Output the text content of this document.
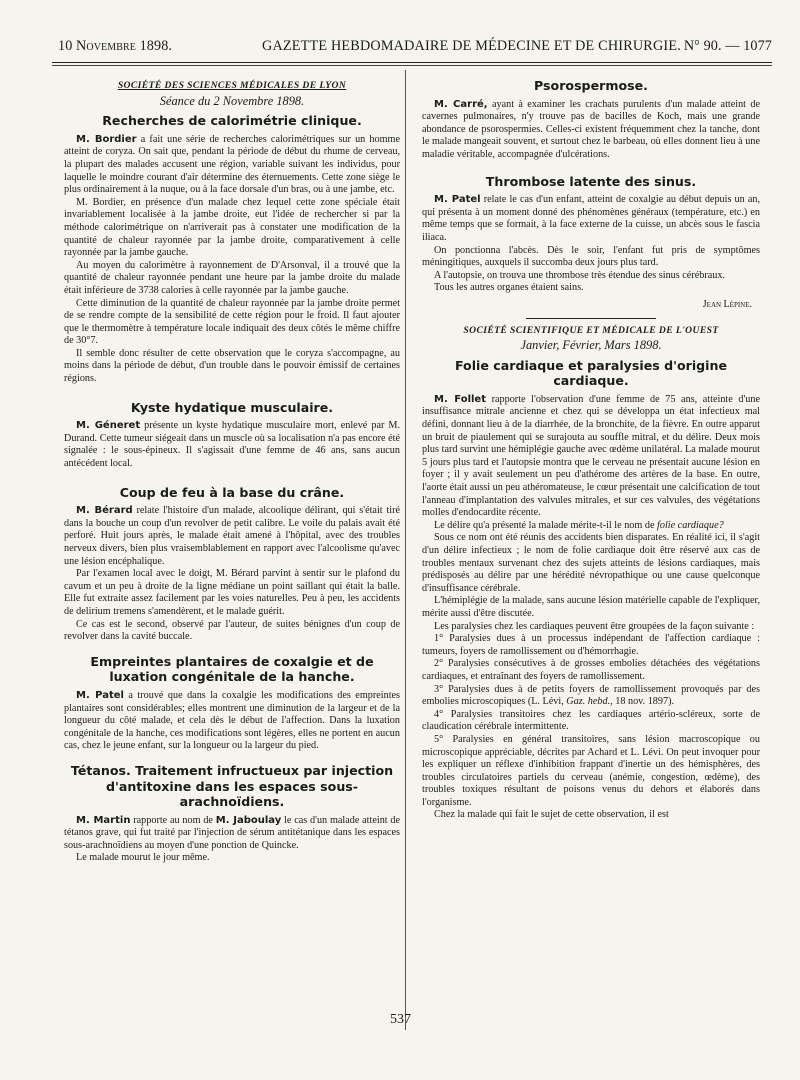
10 Novembre 1898.	GAZETTE HEBDOMADAIRE DE MÉDECINE ET DE CHIRURGIE. N° 90. — 1077
SOCIÉTÉ DES SCIENCES MÉDICALES DE LYON
Séance du 2 Novembre 1898.
Recherches de calorimétrie clinique.

M. Bordier a fait une série de recherches calorimétriques sur un homme atteint de coryza. On sait que, pendant la période de début du rhume de cerveau, la plupart des malades accusent une région, variable suivant les individus, pour laquelle le moindre courant d'air détermine des éternuements. Cette zone siège le plus ordinairement à la nuque, ou à la face dorsale d'un bras, ou à une jambe, etc.

M. Bordier, en présence d'un malade chez lequel cette zone spéciale était invariablement localisée à la jambe droite, eut l'idée de rechercher si par la méthode calorimétrique on n'arriverait pas à constater une modification de la quantité de chaleur rayonnée par la jambe droite, comparativement à celle rayonnée par la jambe gauche.

Au moyen du calorimètre à rayonnement de D'Arsonval, il a trouvé que la quantité de chaleur rayonnée pendant une heure par la jambe droite du malade était inférieure de 3738 calories à celle rayonnée par la jambe gauche.

Cette diminution de la quantité de chaleur rayonnée par la jambe droite permet de se rendre compte de la sensibilité de cette région pour le froid. Il faut ajouter que le thermomètre à température locale indiquait des deux côtés le même chiffre de 30°7.

Il semble donc résulter de cette observation que le coryza s'accompagne, au moins dans la période de début, d'un trouble dans le pouvoir émissif de certaines régions.

Kyste hydatique musculaire.

M. Géneret présente un kyste hydatique musculaire mort, enlevé par M. Durand. Cette tumeur siégeait dans un muscle où sa localisation n'a pas encore été signalée : le sous-épineux. Il s'agissait d'une femme de 46 ans, sans aucun antécédent local.

Coup de feu à la base du crâne.

M. Bérard relate l'histoire d'un malade, alcoolique délirant, qui s'était tiré dans la bouche un coup d'un revolver de petit calibre. Le voile du palais avait été perforé. Huit jours après, le malade était amené à l'hôpital, avec des troubles nerveux divers, bien plus vraisemblablement en rapport avec l'alcoolisme qu'avec une lésion encéphalique.

Par l'examen local avec le doigt, M. Bérard parvint à sentir sur le plafond du cavum et un peu à droite de la ligne médiane un point saillant qui était la balle. Elle fut extraite assez facilement par les voies naturelles. Peu à peu, les accidents de delirium tremens s'amendèrent, et le malade guérit.

Ce cas est le second, observé par l'auteur, de suites bénignes d'un coup de revolver dans la cavité buccale.

Empreintes plantaires de coxalgie et de luxation congénitale de la hanche.

M. Patel a trouvé que dans la coxalgie les modifications des empreintes plantaires sont considérables; elles montrent une diminution de la largeur et de la longueur du côté malade, et cela dès le début de l'affection. Dans la luxation congénitale de la hanche, ces modifications sont légères, elles ne portent en aucun cas, chez le jeune enfant, sur la longueur ou la largeur du pied.

Tétanos. Traitement infructueux par injection d'antitoxine dans les espaces sous-arachnoïdiens.

M. Martin rapporte au nom de M. Jaboulay le cas d'un malade atteint de tétanos grave, qui fut traité par l'injection de sérum antitétanique dans les espaces sous-arachnoïdiens au moyen d'une ponction de Quincke.

Le malade mourut le jour même.

Psorospermose.

M. Carré, ayant à examiner les crachats purulents d'un malade atteint de cavernes pulmonaires, n'y trouve pas de bacilles de Koch, mais une grande abondance de psorospermies. Celles-ci existent fréquemment chez la tanche, dont le malade mangeait souvent, et surtout chez le barbeau, où elles donnent lieu à une maladie véritable, accompagnée d'ulcérations.

Thrombose latente des sinus.

M. Patel relate le cas d'un enfant, atteint de coxalgie au début depuis un an, qui présenta à un moment donné des phénomènes généraux (température, etc.) en même temps que se formait, à la face externe de la cuisse, un abcès sous le fascia iliaca.

On ponctionna l'abcès. Dès le soir, l'enfant fut pris de symptômes méningitiques, auxquels il succomba deux jours plus tard.

A l'autopsie, on trouva une thrombose très étendue des sinus cérébraux.

Tous les autres organes étaient sains.

Jean Lépine.
SOCIÉTÉ SCIENTIFIQUE ET MÉDICALE DE L'OUEST
Janvier, Février, Mars 1898.
Folie cardiaque et paralysies d'origine cardiaque.

M. Follet rapporte l'observation d'une femme de 75 ans, atteinte d'une insuffisance mitrale ancienne et chez qui se développa un état infectieux mal défini, donnant lieu à de la diarrhée, de la bronchite, de la fièvre. En outre apparut un bruit de piaulement qui se surajouta au souffle mitral, et du délire. Deux mois plus tard survint une hémiplégie gauche avec œdème unilatéral. La malade mourut 5 jours plus tard et l'autopsie montra que le cerveau ne présentait aucune lésion en foyer ; il y avait seulement un peu d'athérome des artères de la base. En outre, l'aorte était aussi un peu athéromateuse, le cœur présentait une calcification de tout l'anneau d'implantation des valvules mitrales, et sur ces valvules, des végétations molles d'endocardite récente.

Le délire qu'a présenté la malade mérite-t-il le nom de folie cardiaque?

Sous ce nom ont été réunis des accidents bien disparates. En réalité ici, il s'agit d'un délire infectieux ; le nom de folie cardiaque doit être réservé aux cas de troubles mentaux survenant chez des sujets atteints de lésions cardiaques, mais prédisposés au délire par une hérédité névropathique ou une cause quelconque d'insuffisance cérébrale.

L'hémiplégie de la malade, sans aucune lésion matérielle capable de l'expliquer, mérite aussi d'être discutée.

Les paralysies chez les cardiaques peuvent être groupées de la façon suivante :

1° Paralysies dues à un processus indépendant de l'affection cardiaque : tumeurs, foyers de ramollissement ou d'hémorrhagie.

2° Paralysies consécutives à de grosses embolies détachées des végétations cardiaques, et entraînant des foyers de ramollissement.

3° Paralysies dues à de petits foyers de ramollissement provoqués par des embolies microscopiques (L. Lévi, Gaz. hebd., 18 nov. 1897).

4° Paralysies transitoires chez les cardiaques artério-scléreux, sorte de claudication cérébrale intermittente.

5° Paralysies en général transitoires, sans lésion macroscopique ou microscopique appréciable, décrites par Achard et L. Lévi. On peut invoquer pour les expliquer un réflexe d'inhibition frappant d'inertie un des hémisphères, des troubles circulatoires partiels du cerveau (anémie, congestion, œdème), des troubles toxiques résultant de poisons venus du dehors et élaborés dans l'organisme.

Chez la malade qui fait le sujet de cette observation, il est

537
